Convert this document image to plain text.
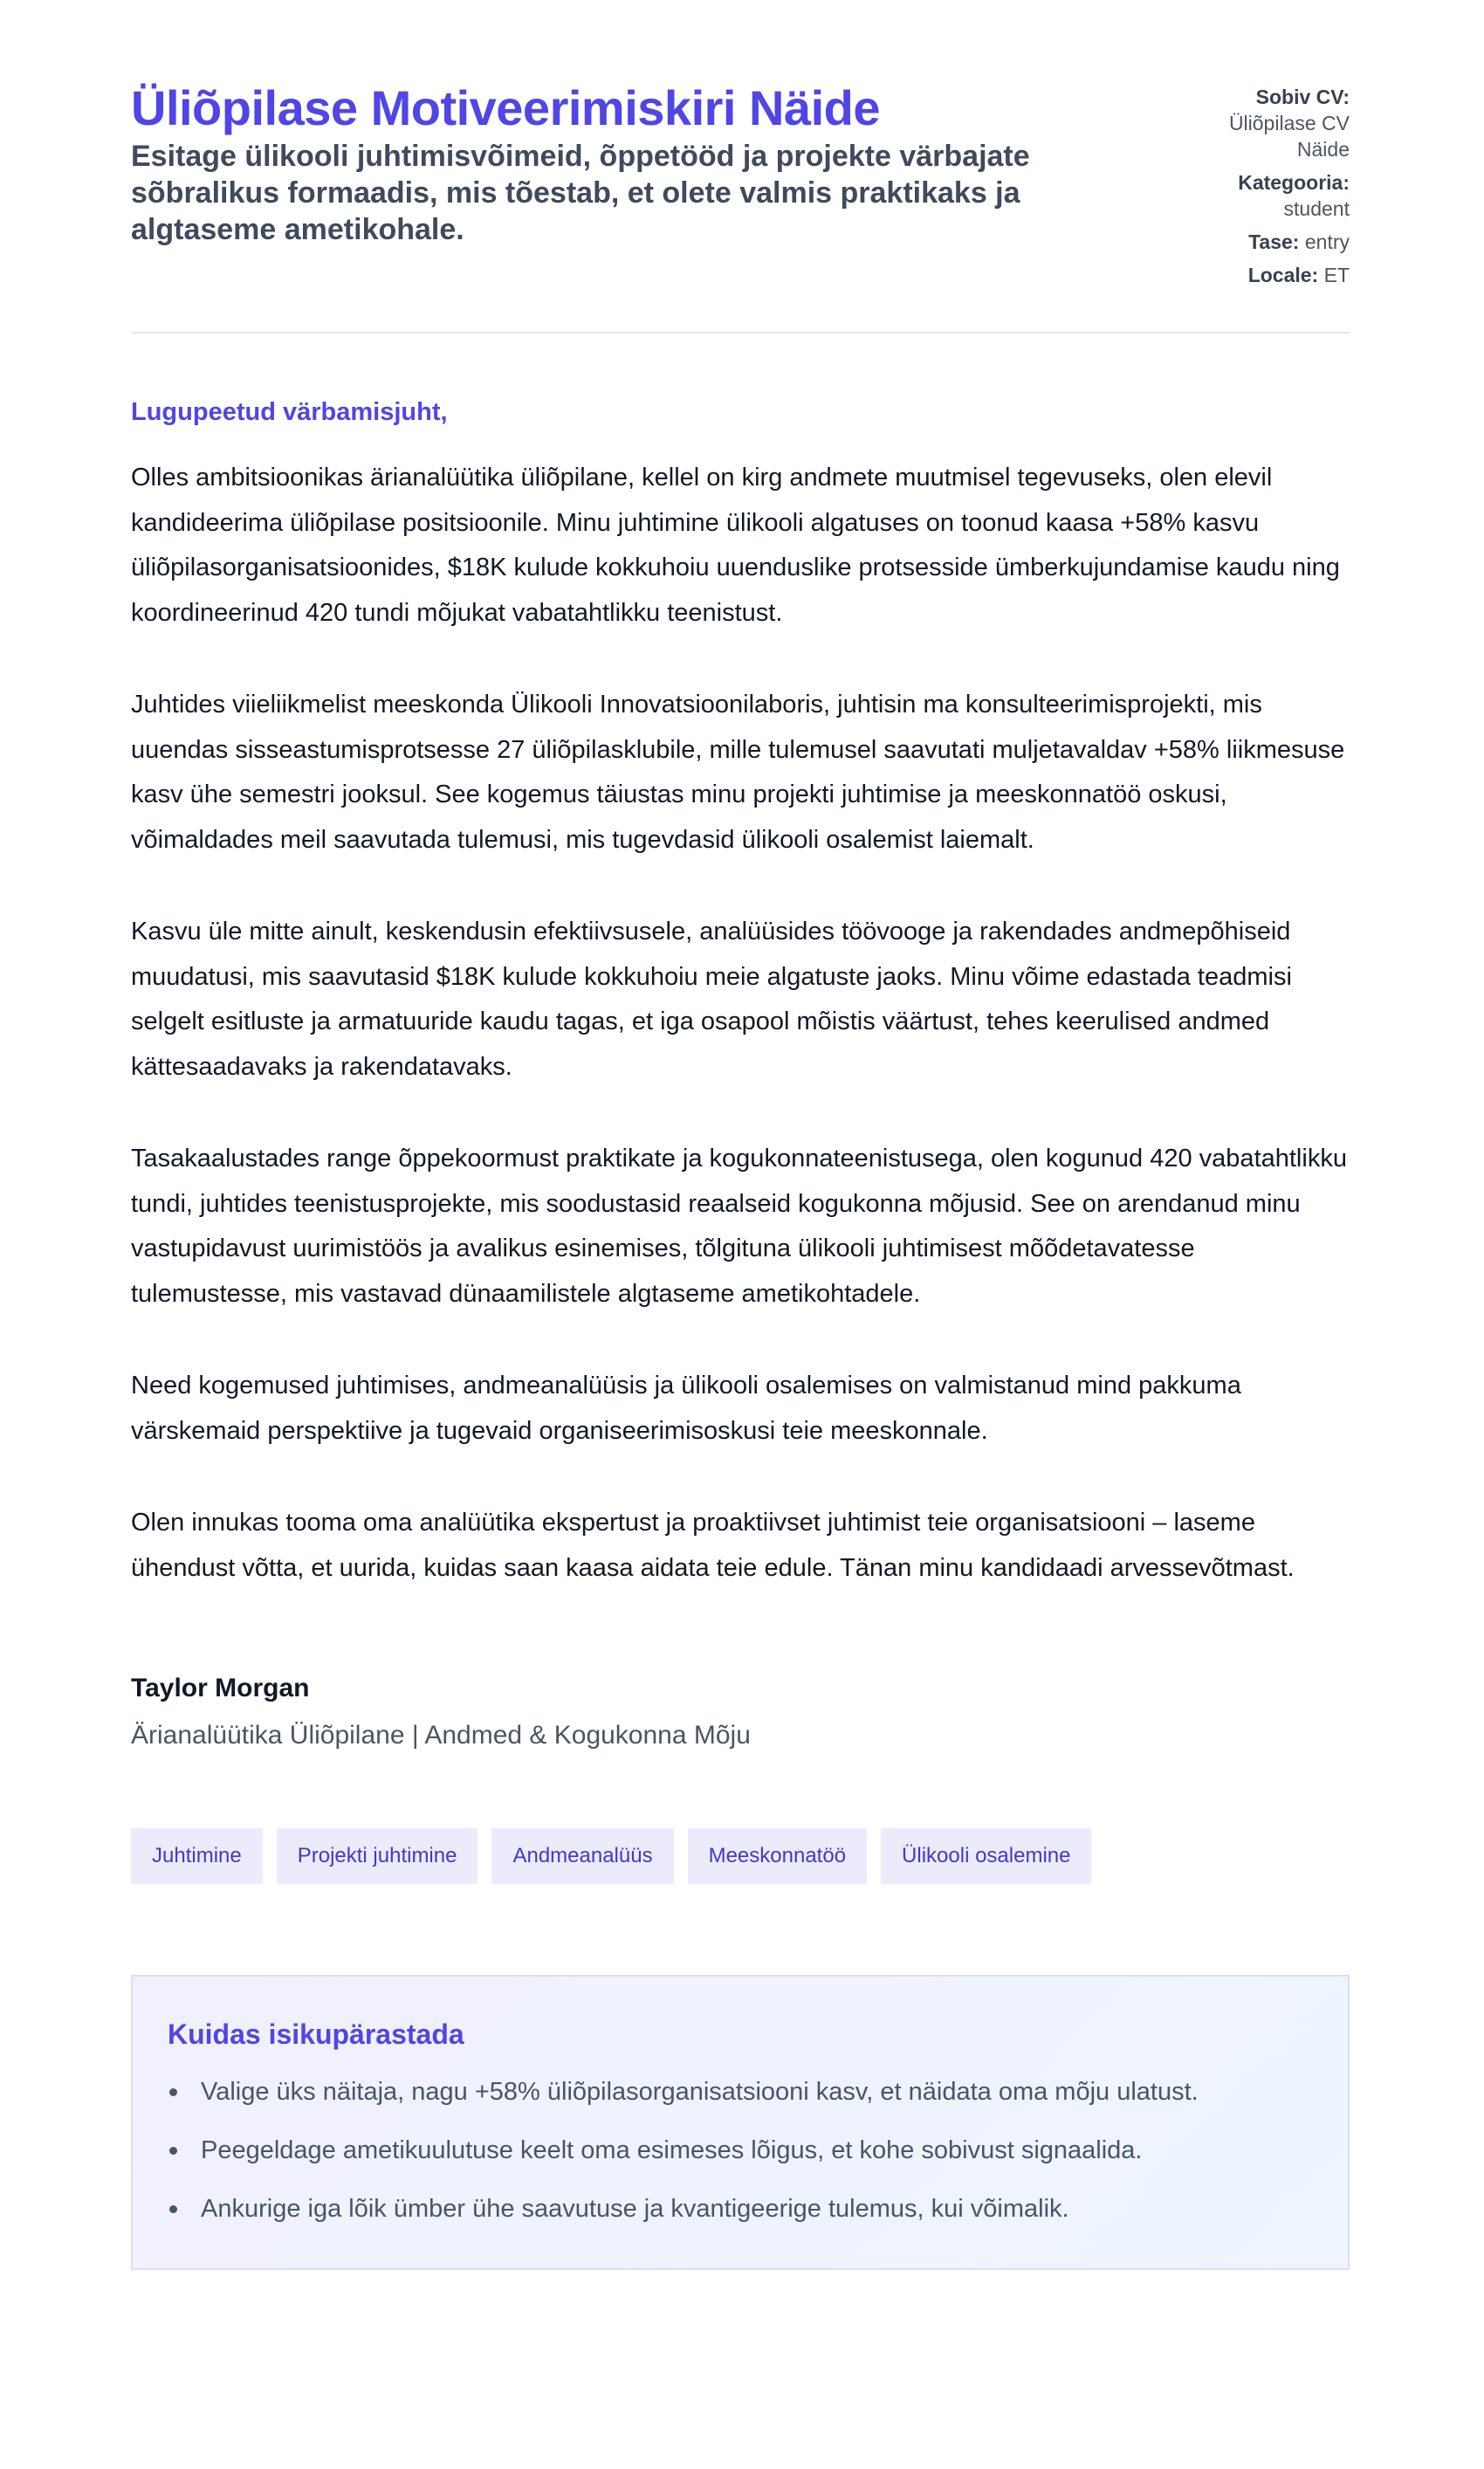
Üliõpilase Motiveerimiskiri Näide

Esitage ülikooli juhtimisvõimeid, õppetööd ja projekte värbajate sõbralikus formaadis, mis tõestab, et olete valmis praktikaks ja algtaseme ametikohale.

Sobiv CV: Üliõpilase CV Näide
Kategooria: student
Tase: entry
Locale: ET

Lugupeetud värbamisjuht,

Olles ambitsioonikas ärianalüütika üliõpilane, kellel on kirg andmete muutmisel tegevuseks, olen elevil kandideerima üliõpilase positsioonile. Minu juhtimine ülikooli algatuses on toonud kaasa +58% kasvu üliõpilasorganisatsioonides, $18K kulude kokkuhoiu uuenduslike protsesside ümberkujundamise kaudu ning koordineerinud 420 tundi mõjukat vabatahtlikku teenistust.

Juhtides viieliikmelist meeskonda Ülikooli Innovatsioonilaboris, juhtisin ma konsulteerimisprojekti, mis uuendas sisseastumisprotsesse 27 üliõpilasklubile, mille tulemusel saavutati muljetavaldav +58% liikmesuse kasv ühe semestri jooksul. See kogemus täiustas minu projekti juhtimise ja meeskonnatöö oskusi, võimaldades meil saavutada tulemusi, mis tugevdasid ülikooli osalemist laiemalt.

Kasvu üle mitte ainult, keskendusin efektiivsusele, analüüsides töövooge ja rakendades andmepõhiseid muudatusi, mis saavutasid $18K kulude kokkuhoiu meie algatuste jaoks. Minu võime edastada teadmisi selgelt esitluste ja armatuuride kaudu tagas, et iga osapool mõistis väärtust, tehes keerulised andmed kättesaadavaks ja rakendatavaks.

Tasakaalustades range õppekoormust praktikate ja kogukonnateenistusega, olen kogunud 420 vabatahtlikku tundi, juhtides teenistusprojekte, mis soodustasid reaalseid kogukonna mõjusid. See on arendanud minu vastupidavust uurimistöös ja avalikus esinemises, tõlgituna ülikooli juhtimisest mõõdetavatesse tulemustesse, mis vastavad dünaamilistele algtaseme ametikohtadele.

Need kogemused juhtimises, andmeanalüüsis ja ülikooli osalemises on valmistanud mind pakkuma värskemaid perspektiive ja tugevaid organiseerimisoskusi teie meeskonnale.

Olen innukas tooma oma analüütika ekspertust ja proaktiivset juhtimist teie organisatsiooni – laseme ühendust võtta, et uurida, kuidas saan kaasa aidata teie edule. Tänan minu kandidaadi arvessevõtmast.

Taylor Morgan
Ärianalüütika Üliõpilane | Andmed & Kogukonna Mõju
Juhtimine	Projekti juhtimine	Andmeanalüüs	Meeskonnatöö	Ülikooli osalemine
Kuidas isikupärastada
Valige üks näitaja, nagu +58% üliõpilasorganisatsiooni kasv, et näidata oma mõju ulatust.
Peegeldage ametikuulutuse keelt oma esimeses lõigus, et kohe sobivust signaalida.
Ankurige iga lõik ümber ühe saavutuse ja kvantigeerige tulemus, kui võimalik.
